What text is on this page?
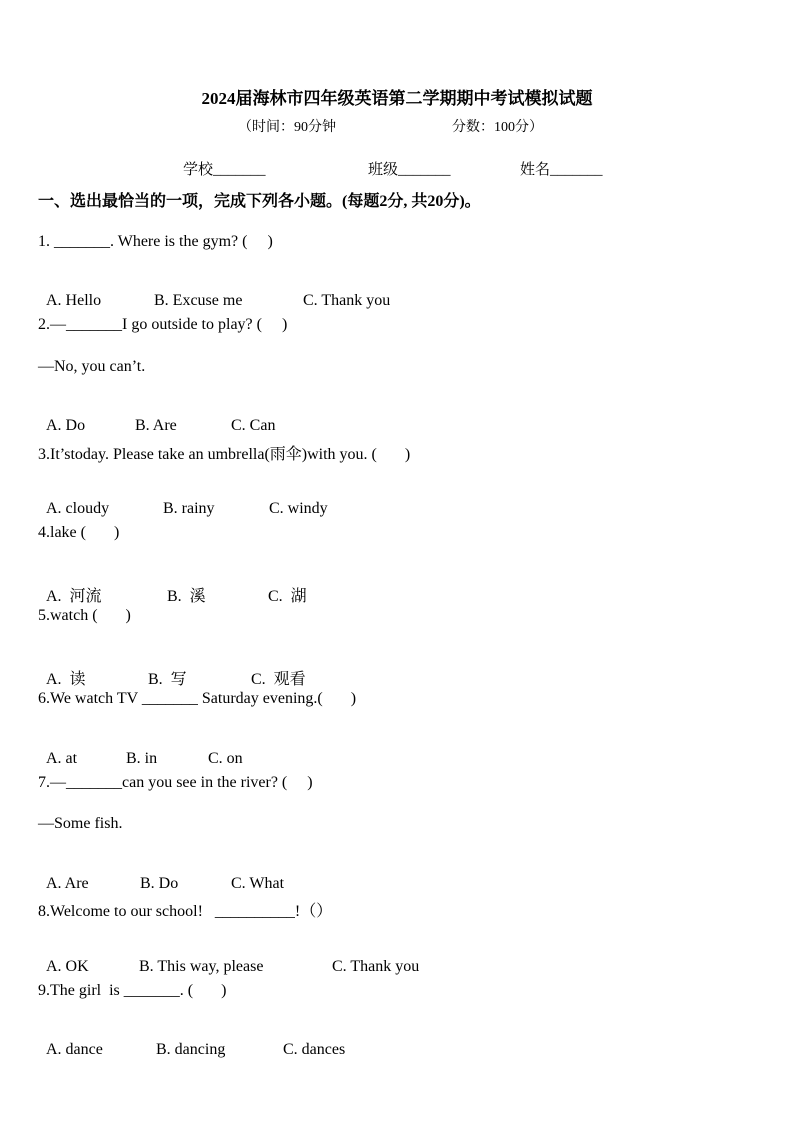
2024届海林市四年级英语第二学期期中考试模拟试题
（时间：90分钟	分数：100分）
学校_______	班级_______	姓名_______
一、选出最恰当的一项，完成下列各小题。(每题2分, 共20分)。
1. _______. Where is the gym? (     )

A. Hello	B. Excuse me	C. Thank you

2.—_______I go outside to play? (     )
—No, you can’t.

A. Do	B. Are	C. Can

3.It’stoday. Please take an umbrella(雨伞)with you. (       )

A. cloudy	B. rainy	C. windy

4.lake (       )

A.  河流	B.  溪	C.  湖

5.watch (       )

A.  读	B.  写	C.  观看

6.We watch TV _______ Saturday evening.(       )

A. at	B. in	C. on

7.—_______can you see in the river? (     )
—Some fish.

A. Are	B. Do	C. What

8.Welcome to our school!   __________!（）

A. OK	B. This way, please	C. Thank you

9.The girl  is _______. (       )

A. dance	B. dancing	C. dances
